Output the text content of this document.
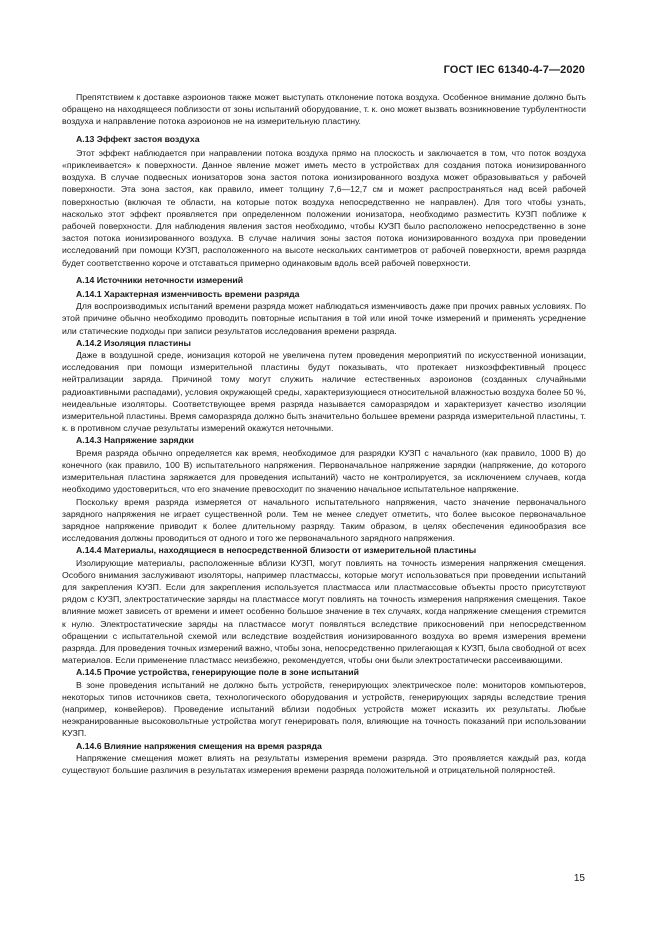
ГОСТ IEC 61340-4-7—2020

Препятствием к доставке аэроионов также может выступать отклонение потока воздуха. Особенное внимание должно быть обращено на находящееся поблизости от зоны испытаний оборудование, т. к. оно может вызвать возникновение турбулентности воздуха и направление потока аэроионов не на измерительную пластину.

А.13 Эффект застоя воздуха

Этот эффект наблюдается при направлении потока воздуха прямо на плоскость и заключается в том, что поток воздуха «приклеивается» к поверхности. Данное явление может иметь место в устройствах для создания потока ионизированного воздуха. В случае подвесных ионизаторов зона застоя потока ионизированного воздуха может образовываться у рабочей поверхности. Эта зона застоя, как правило, имеет толщину 7,6—12,7 см и может распространяться над всей рабочей поверхностью (включая те области, на которые поток воздуха непосредственно не направлен). Для того чтобы узнать, насколько этот эффект проявляется при определенном положении ионизатора, необходимо разместить КУЗП поближе к рабочей поверхности. Для наблюдения явления застоя необходимо, чтобы КУЗП было расположено непосредственно в зоне застоя потока ионизированного воздуха. В случае наличия зоны застоя потока ионизированного воздуха при проведении исследований при помощи КУЗП, расположенного на высоте нескольких сантиметров от рабочей поверхности, время разряда будет соответственно короче и отставаться примерно одинаковым вдоль всей рабочей поверхности.

А.14 Источники неточности измерений
А.14.1 Характерная изменчивость времени разряда

Для воспроизводимых испытаний времени разряда может наблюдаться изменчивость даже при прочих равных условиях. По этой причине обычно необходимо проводить повторные испытания в той или иной точке измерений и применять усреднение или статические подходы при записи результатов исследования времени разряда.

А.14.2 Изоляция пластины

Даже в воздушной среде, ионизация которой не увеличена путем проведения мероприятий по искусственной ионизации, исследования при помощи измерительной пластины будут показывать, что протекает низкоэффективный процесс нейтрализации заряда. Причиной тому могут служить наличие естественных аэроионов (созданных случайными радиоактивными распадами), условия окружающей среды, характеризующиеся относительной влажностью воздуха более 50 %, неидеальные изоляторы. Соответствующее время разряда называется саморазрядом и характеризует качество изоляции измерительной пластины. Время саморазряда должно быть значительно большее времени разряда измерительной пластины, т. к. в противном случае результаты измерений окажутся неточными.

А.14.3 Напряжение зарядки

Время разряда обычно определяется как время, необходимое для разрядки КУЗП с начального (как правило, 1000 В) до конечного (как правило, 100 В) испытательного напряжения. Первоначальное напряжение зарядки (напряжение, до которого измерительная пластина заряжается для проведения испытаний) часто не контролируется, за исключением случаев, когда необходимо удостовериться, что его значение превосходит по значению начальное испытательное напряжение.

Поскольку время разряда измеряется от начального испытательного напряжения, часто значение первоначального зарядного напряжения не играет существенной роли. Тем не менее следует отметить, что более высокое первоначальное зарядное напряжение приводит к более длительному разряду. Таким образом, в целях обеспечения единообразия все исследования должны проводиться от одного и того же первоначального зарядного напряжения.

А.14.4 Материалы, находящиеся в непосредственной близости от измерительной пластины

Изолирующие материалы, расположенные вблизи КУЗП, могут повлиять на точность измерения напряжения смещения. Особого внимания заслуживают изоляторы, например пластмассы, которые могут использоваться при проведении испытаний для закрепления КУЗП. Если для закрепления используется пластмасса или пластмассовые объекты просто присутствуют рядом с КУЗП, электростатические заряды на пластмассе могут повлиять на точность измерения напряжения смещения. Такое влияние может зависеть от времени и имеет особенно большое значение в тех случаях, когда напряжение смещения стремится к нулю. Электростатические заряды на пластмассе могут появляться вследствие прикосновений при непосредственном обращении с испытательной схемой или вследствие воздействия ионизированного воздуха во время измерения времени разряда. Для проведения точных измерений важно, чтобы зона, непосредственно прилегающая к КУЗП, была свободной от всех материалов. Если применение пластмасс неизбежно, рекомендуется, чтобы они были электростатически рассеивающими.

А.14.5 Прочие устройства, генерирующие поле в зоне испытаний

В зоне проведения испытаний не должно быть устройств, генерирующих электрическое поле: мониторов компьютеров, некоторых типов источников света, технологического оборудования и устройств, генерирующих заряды вследствие трения (например, конвейеров). Проведение испытаний вблизи подобных устройств может исказить их результаты. Любые неэкранированные высоковольтные устройства могут генерировать поля, влияющие на точность показаний при использовании КУЗП.

А.14.6 Влияние напряжения смещения на время разряда

Напряжение смещения может влиять на результаты измерения времени разряда. Это проявляется каждый раз, когда существуют большие различия в результатах измерения времени разряда положительной и отрицательной полярностей.

15
